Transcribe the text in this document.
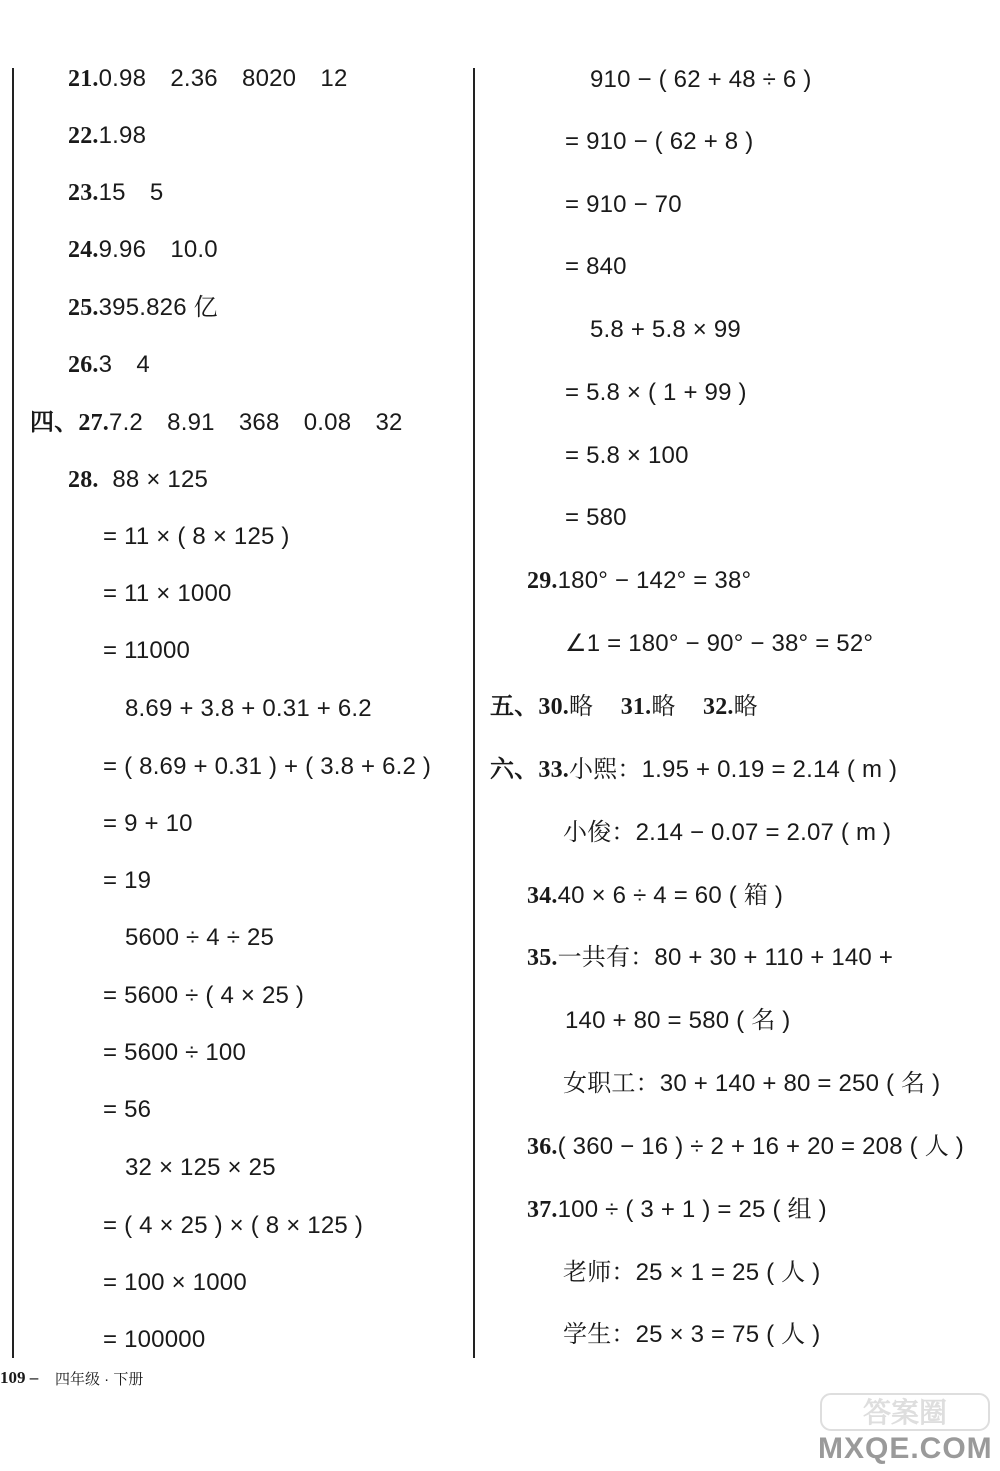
21.0.98　2.36　8020　12
22.1.98
23.15　5
24.9.96　10.0
25.395.826 亿
26.3　4
四、27.7.2　8.91　368　0.08　32
28. 88 × 125
= 11 × ( 8 × 125 )
= 11 × 1000
= 11000
8.69 + 3.8 + 0.31 + 6.2
= ( 8.69 + 0.31 ) + ( 3.8 + 6.2 )
= 9 + 10
= 19
5600 ÷ 4 ÷ 25
= 5600 ÷ ( 4 × 25 )
= 5600 ÷ 100
= 56
32 × 125 × 25
= ( 4 × 25 ) × ( 8 × 125 )
= 100 × 1000
= 100000
910 − ( 62 + 48 ÷ 6 )
= 910 − ( 62 + 8 )
= 910 − 70
= 840
5.8 + 5.8 × 99
= 5.8 × ( 1 + 99 )
= 5.8 × 100
= 580
29.180° − 142° = 38°
∠1 = 180° − 90° − 38° = 52°
五、30.略 31.略 32.略
六、33.小熙：1.95 + 0.19 = 2.14 ( m )
小俊：2.14 − 0.07 = 2.07 ( m )
34.40 × 6 ÷ 4 = 60 ( 箱 )
35.一共有：80 + 30 + 110 + 140 +
140 + 80 = 580 ( 名 )
女职工：30 + 140 + 80 = 250 ( 名 )
36.( 360 − 16 ) ÷ 2 + 16 + 20 = 208 ( 人 )
37.100 ÷ ( 3 + 1 ) = 25 ( 组 )
老师：25 × 1 = 25 ( 人 )
学生：25 × 3 = 75 ( 人 )
109 – 四年级 · 下册
MXQE.COM
答案圈
